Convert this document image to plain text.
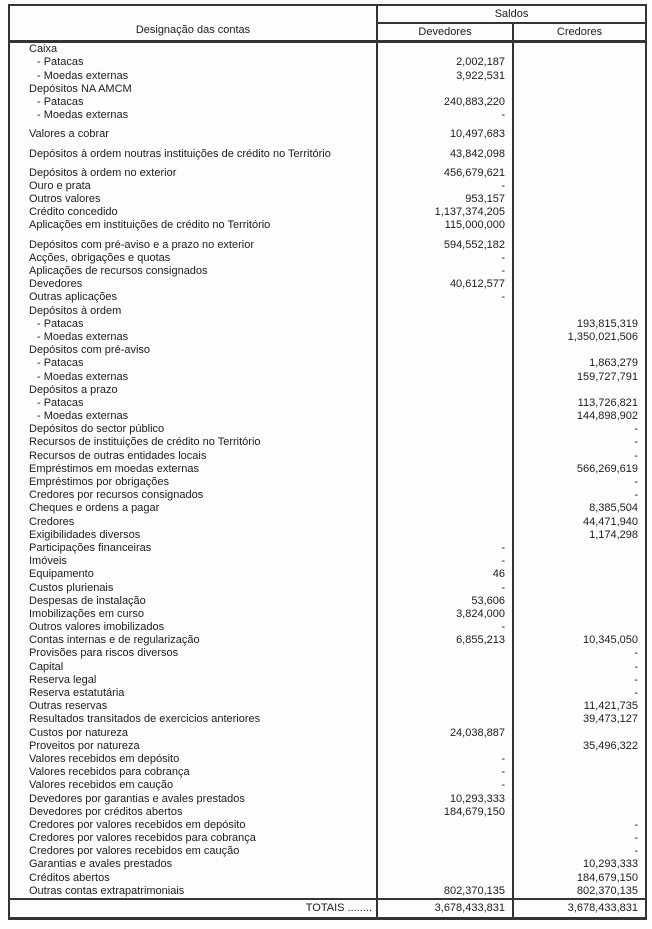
Designação das contas	Saldos	
	Devedores	Credores
Caixa		
- Patacas	2,002,187	
- Moedas externas	3,922,531	
Depósitos NA AMCM		
- Patacas	240,883,220	
- Moedas externas	-	
Valores a cobrar	10,497,683	
Depósitos à ordem noutras instituições de crédito no Território	43,842,098	
Depósitos à ordem no exterior	456,679,621	
Ouro e prata	-	
Outros valores	953,157	
Crédito concedido	1,137,374,205	
Aplicações em instituições de crédito no Território	115,000,000	
Depósitos com pré-aviso e a prazo no exterior	594,552,182	
Acções, obrigações e quotas	-	
Aplicações de recursos consignados	-	
Devedores	40,612,577	
Outras aplicações	-	
Depósitos à ordem		
- Patacas		193,815,319
- Moedas externas		1,350,021,506
Depósitos com pré-aviso		
- Patacas		1,863,279
- Moedas externas		159,727,791
Depósitos a prazo		
- Patacas		113,726,821
- Moedas externas		144,898,902
Depósitos do sector público		-
Recursos de instituições de crédito no Território		-
Recursos de outras entidades locais		-
Empréstimos em moedas externas		566,269,619
Empréstimos por obrigações		-
Credores por recursos consignados		-
Cheques e ordens a pagar		8,385,504
Credores		44,471,940
Exigibilidades diversos		1,174,298
Participações financeiras	-	
Imóveis	-	
Equipamento	46	
Custos plurienais	-	
Despesas de instalação	53,606	
Imobilizações em curso	3,824,000	
Outros valores imobilizados	-	
Contas internas e de regularização	6,855,213	10,345,050
Provisões para riscos diversos		-
Capital		-
Reserva legal		-
Reserva estatutária		-
Outras reservas		11,421,735
Resultados transitados de exercicios anteriores		39,473,127
Custos por natureza	24,038,887	
Proveitos por natureza		35,496,322
Valores recebidos em depósito	-	
Valores recebidos para cobrança	-	
Valores recebidos em caução	-	
Devedores por garantias e avales prestados	10,293,333	
Devedores por créditos abertos	184,679,150	
Credores por valores recebidos em depósito		-
Credores por valores recebidos para cobrança		-
Credores por valores recebidos em caução		-
Garantias e avales prestados		10,293,333
Créditos abertos		184,679,150
Outras contas extrapatrimoniais	802,370,135	802,370,135
TOTAIS ........	3,678,433,831	3,678,433,831
